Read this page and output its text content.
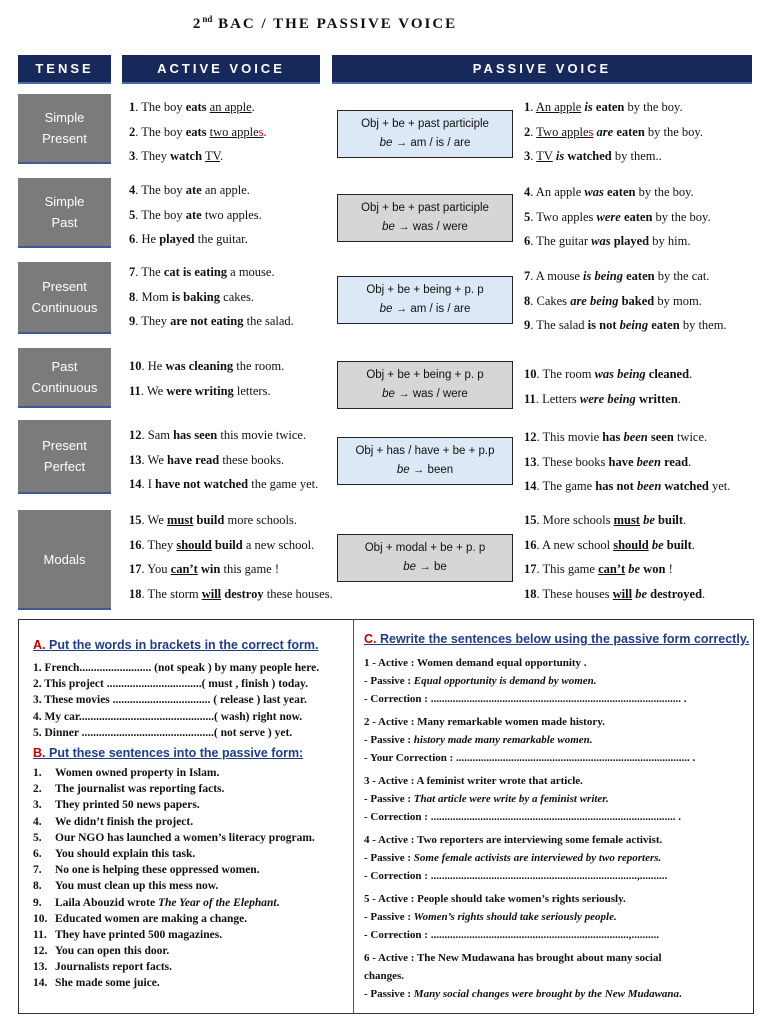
2nd BAC / THE PASSIVE VOICE
TENSE	ACTIVE VOICE	PASSIVE VOICE
Simple
Present
Simple
Past
Present
Continuous
Past
Continuous
Present
Perfect
Modals
1. The boy eats an apple.
2. The boy eats two apples.
3. They watch TV.
4. The boy ate an apple.
5. The boy ate two apples.
6. He played the guitar.
7. The cat is eating a mouse.
8. Mom is baking cakes.
9. They are not eating the salad.
10. He was cleaning the room.
11. We were writing letters.
12. Sam has seen this movie twice.
13. We have read these books.
14. I have not watched the game yet.
15. We must build more schools.
16. They should build a new school.
17. You can’t win this game !
18. The storm will destroy these houses.
Obj + be + past participle
be → am / is / are
Obj + be + past participle
be → was / were
Obj + be + being + p. p
be → am / is / are
Obj + be + being + p. p
be → was / were
Obj + has / have + be + p.p
be → been
Obj + modal + be + p. p
be → be
1. An apple is eaten by the boy.
2. Two apples are eaten by the boy.
3. TV is watched by them..
4. An apple was eaten by the boy.
5. Two apples were eaten by the boy.
6. The guitar was played by him.
7. A mouse is being eaten by the cat.
8. Cakes are being baked by mom.
9. The salad is not being eaten by them.
10. The room was being cleaned.
11. Letters were being written.
12. This movie has been seen twice.
13. These books have been read.
14. The game has not been watched yet.
15. More schools must be built.
16. A new school should be built.
17. This game can’t be won !
18. These houses will be destroyed.
A. Put the words in brackets in the correct form.
1. French......................... (not speak ) by many people here.
2. This project .................................( must , finish ) today.
3. These movies .................................. ( release ) last year.
4. My car...............................................( wash) right now.
5. Dinner ..............................................( not serve ) yet.
B. Put these sentences into the passive form:
1. Women owned property in Islam.
2. The journalist was reporting facts.
3. They printed 50 news papers.
4. We didn’t finish the project.
5. Our NGO has launched a women’s literacy program.
6. You should explain this task.
7. No one is helping these oppressed women.
8. You must clean up this mess now.
9. Laila Abouzid wrote The Year of the Elephant.
10. Educated women are making a change.
11. They have printed 500 magazines.
12. You can open this door.
13. Journalists report facts.
14. She made some juice.
C. Rewrite the sentences below using the passive form correctly.
1 - Active : Women demand equal opportunity .
- Passive : Equal opportunity is demand by women.
- Correction : ........................................................................................... .
2 - Active : Many remarkable women made history.
- Passive : history made many remarkable women.
- Your Correction : ..................................................................................... .
3 - Active : A feminist writer wrote that article.
- Passive : That article were write by a feminist writer.
- Correction : ......................................................................................... .
4 - Active : Two reporters are interviewing some female activist.
- Passive : Some female activists are interviewed by two reporters.
- Correction : ...........................................................................,..........
5 - Active : People should take women’s rights seriously.
- Passive : Women’s rights should take seriously people.
- Correction : ........................................................................,..........
6 - Active : The New Mudawana has brought about many social
changes.
- Passive : Many social changes were brought by the New Mudawana.
